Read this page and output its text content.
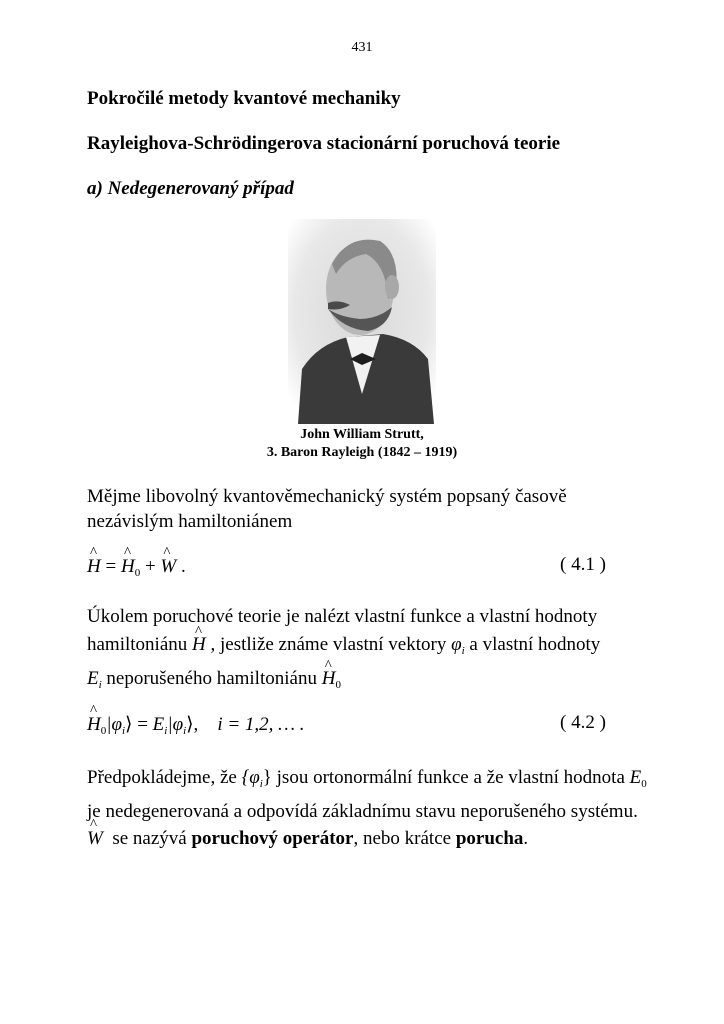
431
Pokročilé metody kvantové mechaniky
Rayleighova-Schrödingerova stacionární poruchová teorie
a) Nedegenerovaný případ
John William Strutt,
3. Baron Rayleigh (1842 – 1919)
Mějme libovolný kvantověmechanický systém popsaný časově nezávislým hamiltoniánem
^ H = ^ $H_0$ + ^ W .	( 4.1 )
Úkolem poruchové teorie je nalézt vlastní funkce a vlastní hodnoty hamiltoniánu ^ H , jestliže známe vlastní vektory $\varphi_i$ a vlastní hodnoty
$E_i$ neporušeného hamiltoniánu ^ $H_0$
^ $H_0|\varphi_i⟩$ = $E_i|\varphi_i⟩$,    i = 1,2, … .	( 4.2 )
Předpokládejme, že $\{\varphi_i\}$ jsou ortonormální funkce a že vlastní hodnota $E_0$ je nedegenerovaná a odpovídá základnímu stavu neporušeného systému. ^ W  se nazývá poruchový operátor, nebo krátce porucha.
